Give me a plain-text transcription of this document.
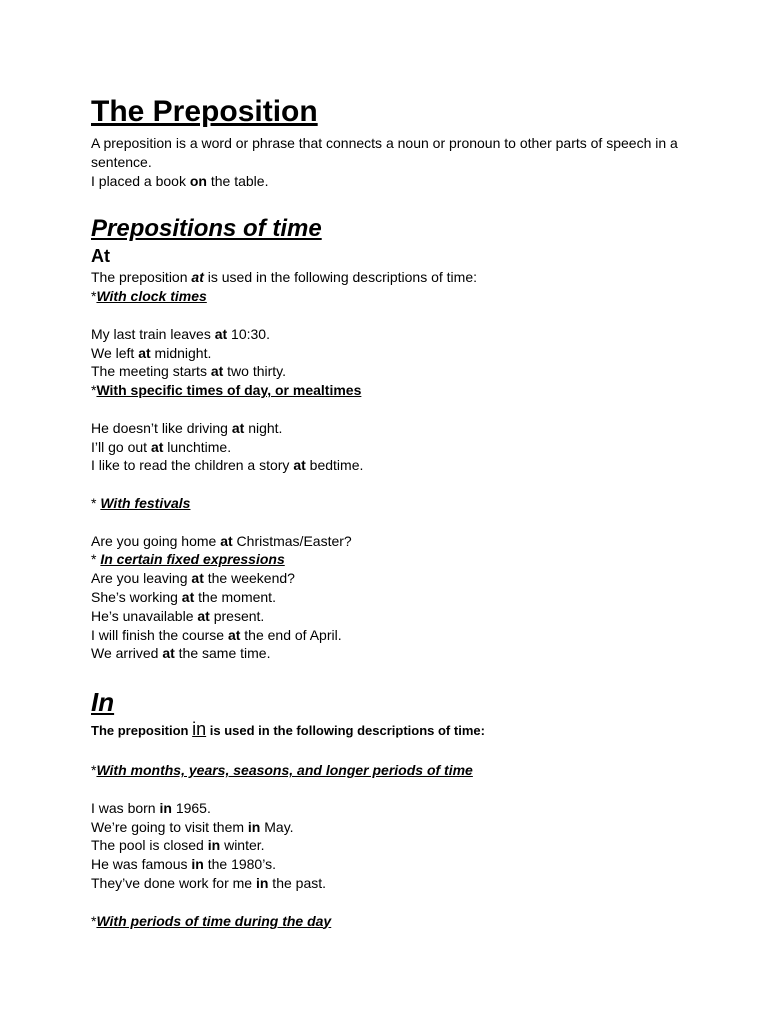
The Preposition
A preposition is a word or phrase that connects a noun or pronoun to other parts of speech in a sentence.
I placed a book on the table.
Prepositions of time
At
The preposition at is used in the following descriptions of time:
*With clock times
My last train leaves at 10:30.
We left at midnight.
The meeting starts at two thirty.
*With specific times of day, or mealtimes
He doesn’t like driving at night.
I’ll go out at lunchtime.
I like to read the children a story at bedtime.
* With festivals
Are you going home at Christmas/Easter?
* In certain fixed expressions
Are you leaving at the weekend?
She’s working at the moment.
He’s unavailable at present.
I will finish the course at the end of April.
We arrived at the same time.
In
The preposition in is used in the following descriptions of time:
*With months, years, seasons, and longer periods of time
I was born in 1965.
We’re going to visit them in May.
The pool is closed in winter.
He was famous in the 1980’s.
They’ve done work for me in the past.
*With periods of time during the day
